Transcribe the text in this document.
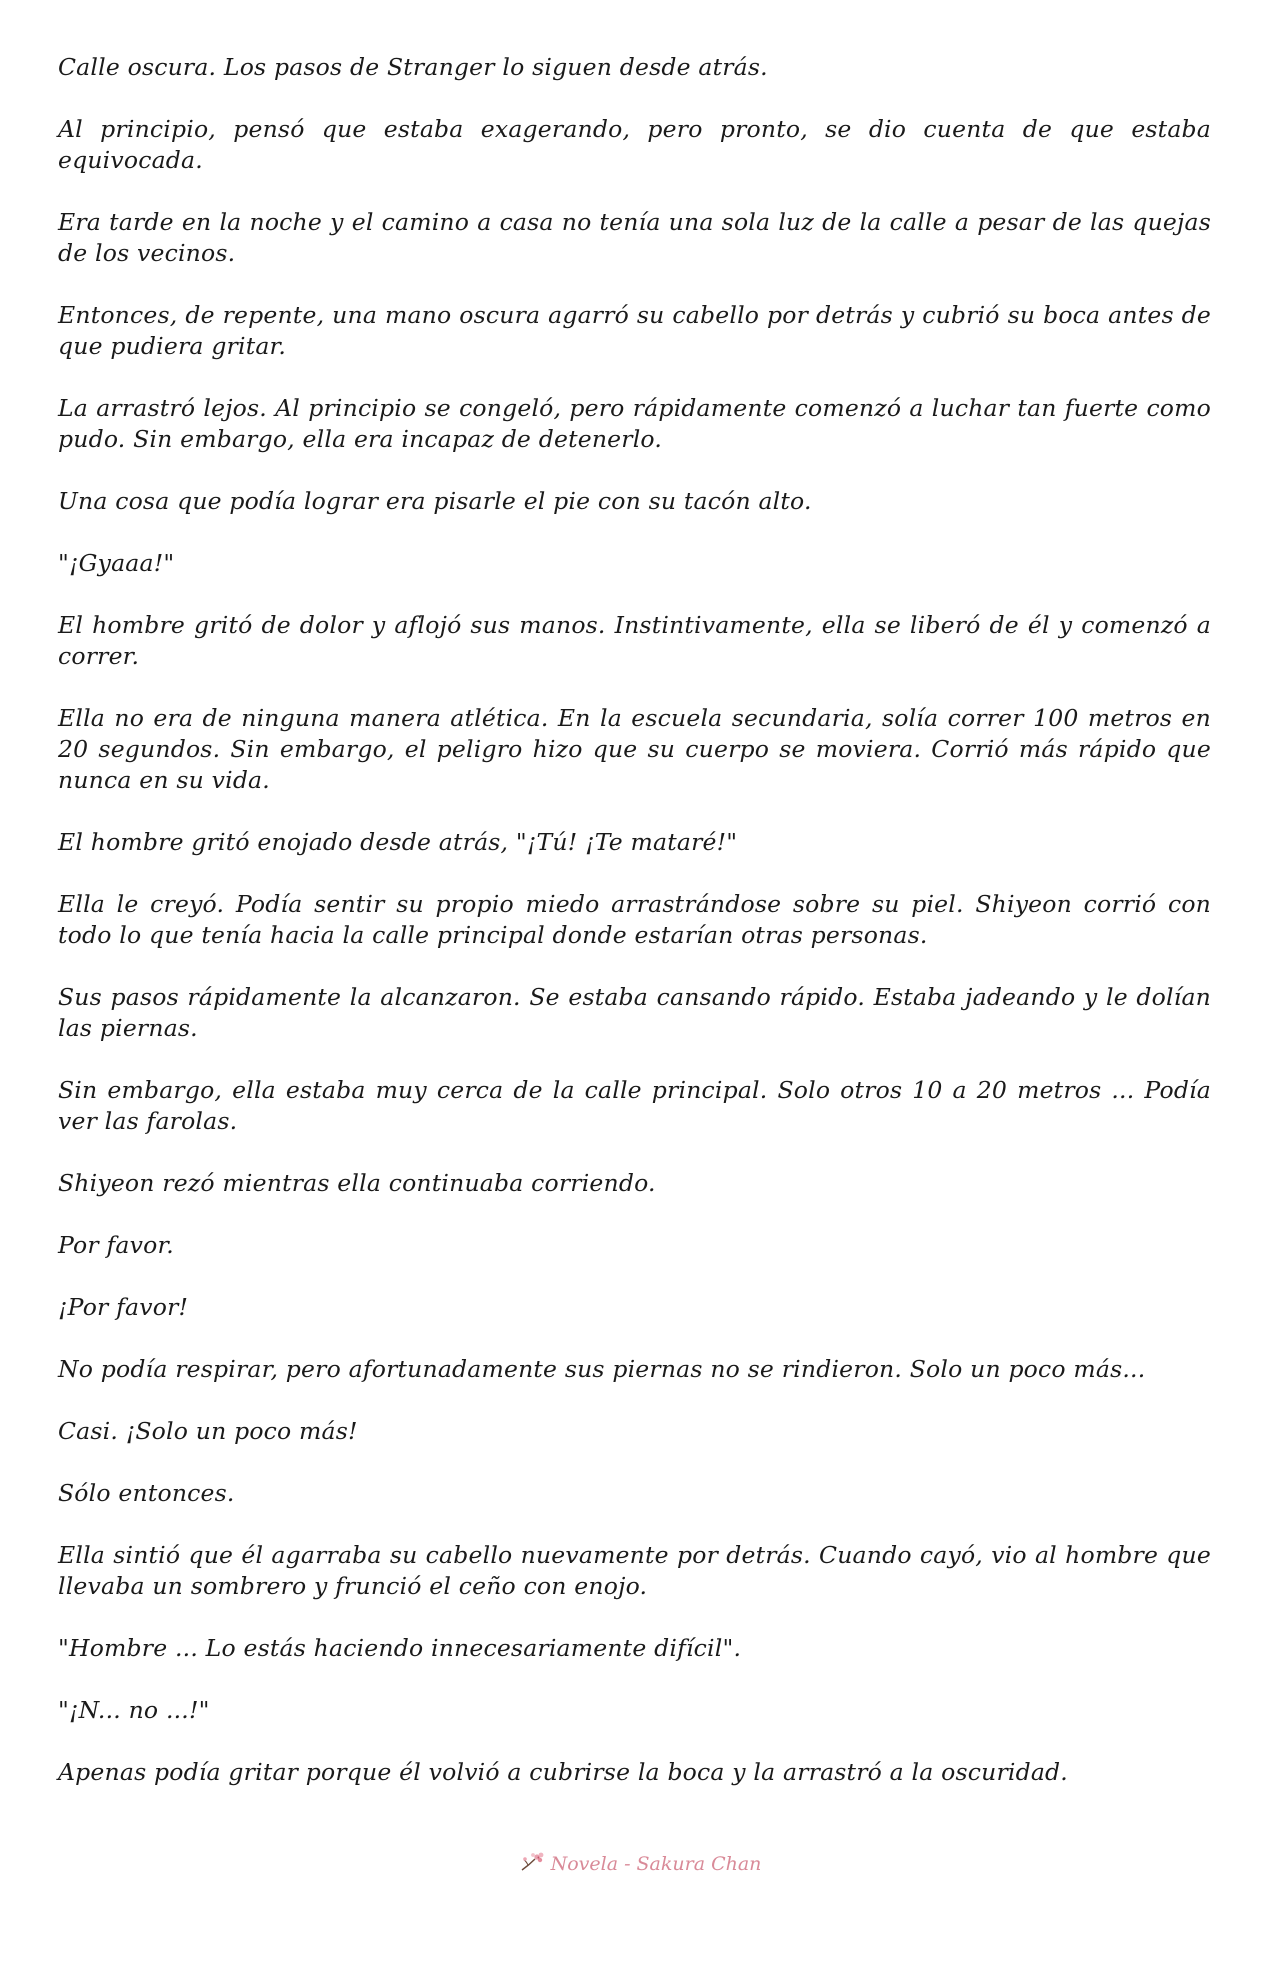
Calle oscura. Los pasos de Stranger lo siguen desde atrás.

Al principio, pensó que estaba exagerando, pero pronto, se dio cuenta de que estaba equivocada.

Era tarde en la noche y el camino a casa no tenía una sola luz de la calle a pesar de las quejas de los vecinos.

Entonces, de repente, una mano oscura agarró su cabello por detrás y cubrió su boca antes de que pudiera gritar.

La arrastró lejos. Al principio se congeló, pero rápidamente comenzó a luchar tan fuerte como pudo. Sin embargo, ella era incapaz de detenerlo.

Una cosa que podía lograr era pisarle el pie con su tacón alto.

"¡Gyaaa!"

El hombre gritó de dolor y aflojó sus manos. Instintivamente, ella se liberó de él y comenzó a correr.

Ella no era de ninguna manera atlética. En la escuela secundaria, solía correr 100 metros en 20 segundos. Sin embargo, el peligro hizo que su cuerpo se moviera. Corrió más rápido que nunca en su vida.

El hombre gritó enojado desde atrás, "¡Tú! ¡Te mataré!"

Ella le creyó. Podía sentir su propio miedo arrastrándose sobre su piel. Shiyeon corrió con todo lo que tenía hacia la calle principal donde estarían otras personas.

Sus pasos rápidamente la alcanzaron. Se estaba cansando rápido. Estaba jadeando y le dolían las piernas.

Sin embargo, ella estaba muy cerca de la calle principal. Solo otros 10 a 20 metros ... Podía ver las farolas.

Shiyeon rezó mientras ella continuaba corriendo.

Por favor.

¡Por favor!

No podía respirar, pero afortunadamente sus piernas no se rindieron. Solo un poco más...

Casi. ¡Solo un poco más!

Sólo entonces.

Ella sintió que él agarraba su cabello nuevamente por detrás. Cuando cayó, vio al hombre que llevaba un sombrero y frunció el ceño con enojo.

"Hombre ... Lo estás haciendo innecesariamente difícil".

"¡N... no ...!"

Apenas podía gritar porque él volvió a cubrirse la boca y la arrastró a la oscuridad.

Novela - Sakura Chan
